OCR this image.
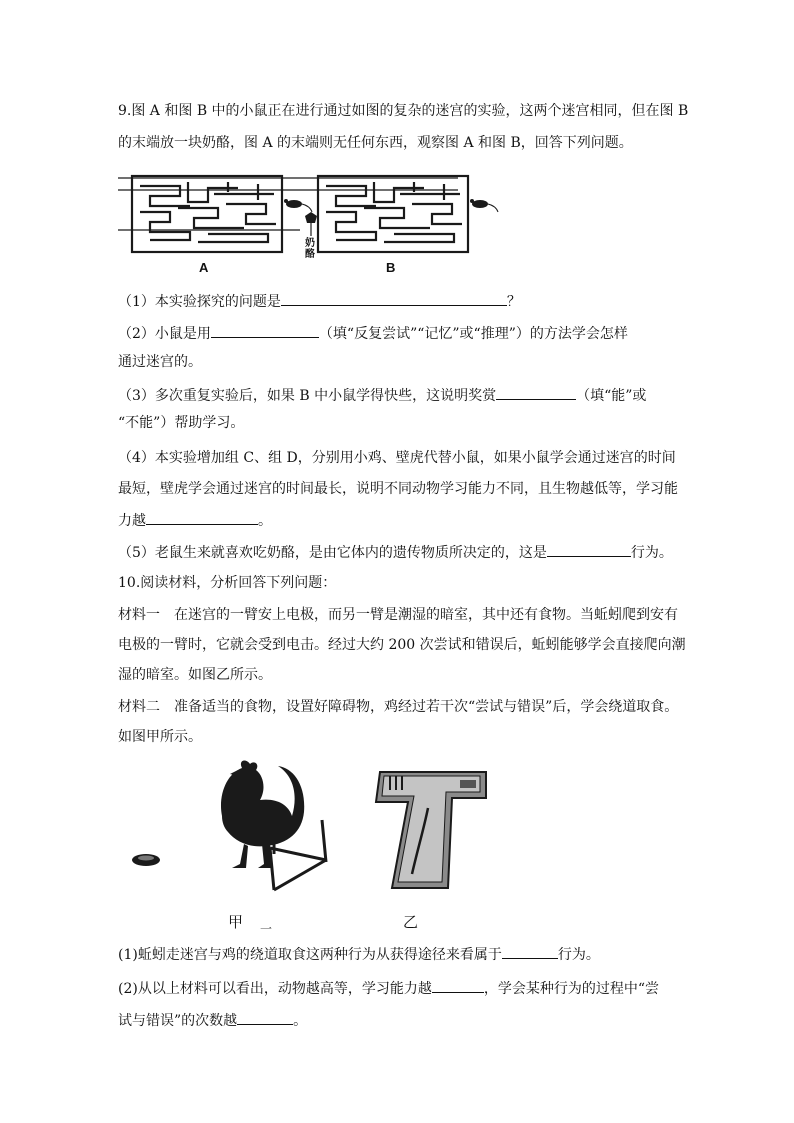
9.图 A 和图 B 中的小鼠正在进行通过如图的复杂的迷宫的实验，这两个迷宫相同，但在图 B
的末端放一块奶酪，图 A 的末端则无任何东西，观察图 A 和图 B，回答下列问题。
奶酪
A	B
（1）本实验探究的问题是	？
（2）小鼠是用	（填“反复尝试”“记忆”或“推理”）的方法学会怎样
通过迷宫的。
（3）多次重复实验后，如果 B 中小鼠学得快些，这说明奖赏	（填“能”或
“不能”）帮助学习。
（4）本实验增加组 C、组 D，分别用小鸡、壁虎代替小鼠，如果小鼠学会通过迷宫的时间
最短，壁虎学会通过迷宫的时间最长，说明不同动物学习能力不同，且生物越低等，学习能
力越	。
（5）老鼠生来就喜欢吃奶酪，是由它体内的遗传物质所决定的，这是	行为。
10.阅读材料，分析回答下列问题：
材料一　在迷宫的一臂安上电极，而另一臂是潮湿的暗室，其中还有食物。当蚯蚓爬到安有
电极的一臂时，它就会受到电击。经过大约 200 次尝试和错误后，蚯蚓能够学会直接爬向潮
湿的暗室。如图乙所示。
材料二　准备适当的食物，设置好障碍物，鸡经过若干次“尝试与错误”后，学会绕道取食。
如图甲所示。
甲	乙
一
(1)蚯蚓走迷宫与鸡的绕道取食这两种行为从获得途径来看属于	行为。
(2)从以上材料可以看出，动物越高等，学习能力越	，学会某种行为的过程中“尝
试与错误”的次数越	。
